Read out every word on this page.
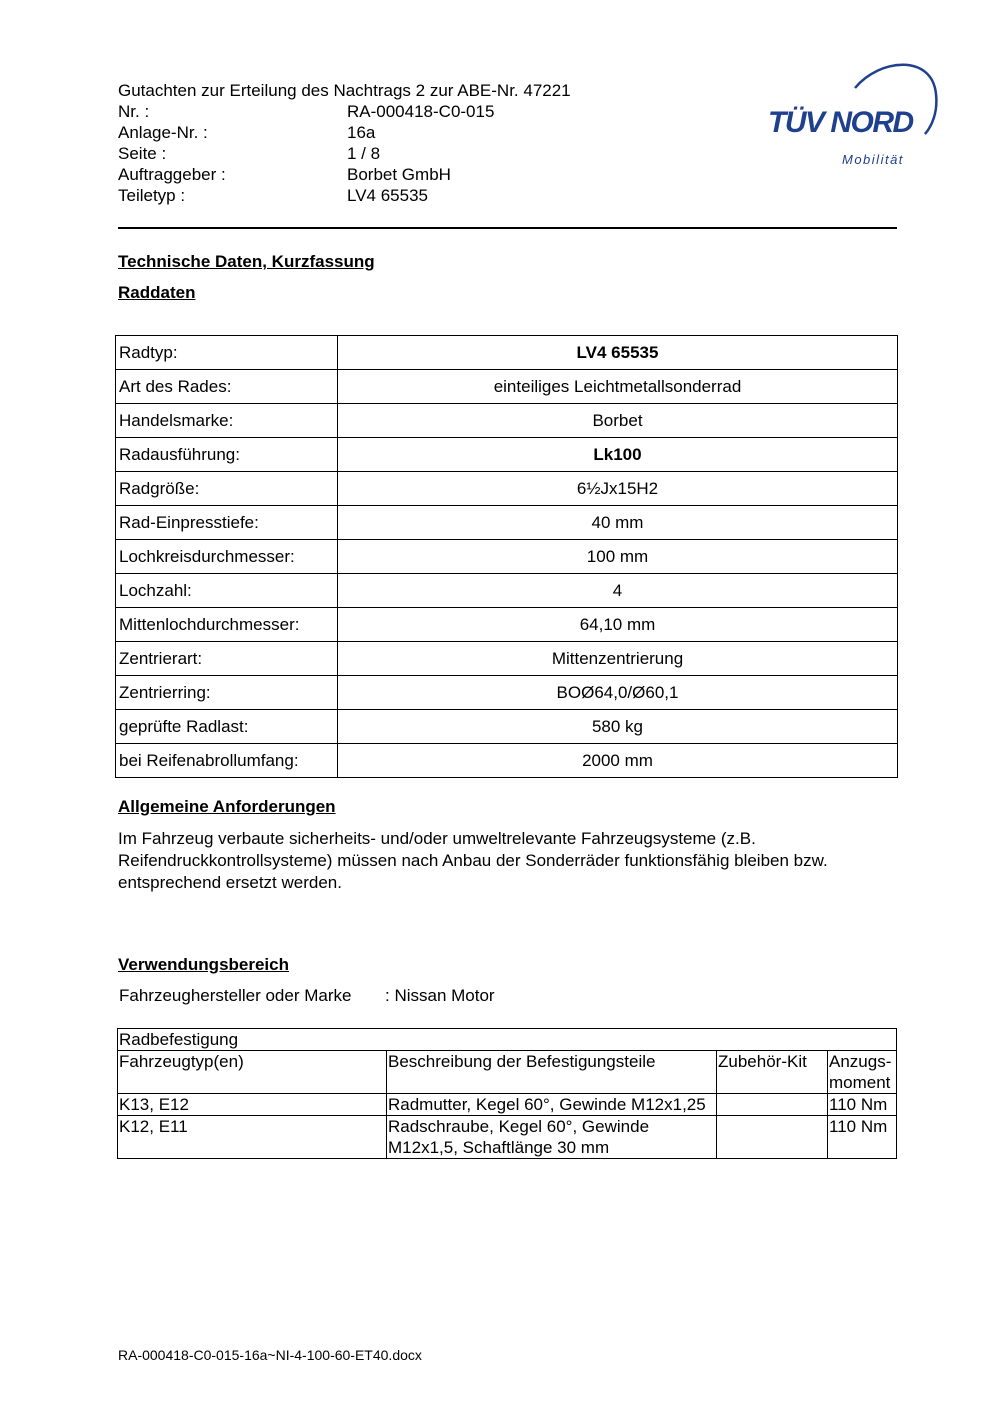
Gutachten zur Erteilung des Nachtrags 2 zur ABE-Nr. 47221
Nr. :	RA-000418-C0-015
Anlage-Nr. :	16a
Seite :	1 / 8
Auftraggeber :	Borbet GmbH
Teiletyp :	LV4 65535
TÜV NORD
Mobilität
Technische Daten, Kurzfassung
Raddaten
Radtyp:	LV4 65535
Art des Rades:	einteiliges Leichtmetallsonderrad
Handelsmarke:	Borbet
Radausführung:	Lk100
Radgröße:	6½Jx15H2
Rad-Einpresstiefe:	40 mm
Lochkreisdurchmesser:	100 mm
Lochzahl:	4
Mittenlochdurchmesser:	64,10 mm
Zentrierart:	Mittenzentrierung
Zentrierring:	BOØ64,0/Ø60,1
geprüfte Radlast:	580 kg
bei Reifenabrollumfang:	2000 mm
Allgemeine Anforderungen
Im Fahrzeug verbaute sicherheits- und/oder umweltrelevante Fahrzeugsysteme (z.B. Reifendruckkontrollsysteme) müssen nach Anbau der Sonderräder funktionsfähig bleiben bzw. entsprechend ersetzt werden.
Verwendungsbereich
Fahrzeughersteller oder Marke : Nissan Motor
Radbefestigung			
Fahrzeugtyp(en)	Beschreibung der Befestigungsteile	Zubehör-Kit	Anzugs-moment
K13, E12	Radmutter, Kegel 60°, Gewinde M12x1,25		110 Nm
K12, E11	Radschraube, Kegel 60°, Gewinde M12x1,5, Schaftlänge 30 mm		110 Nm
RA-000418-C0-015-16a~NI-4-100-60-ET40.docx
